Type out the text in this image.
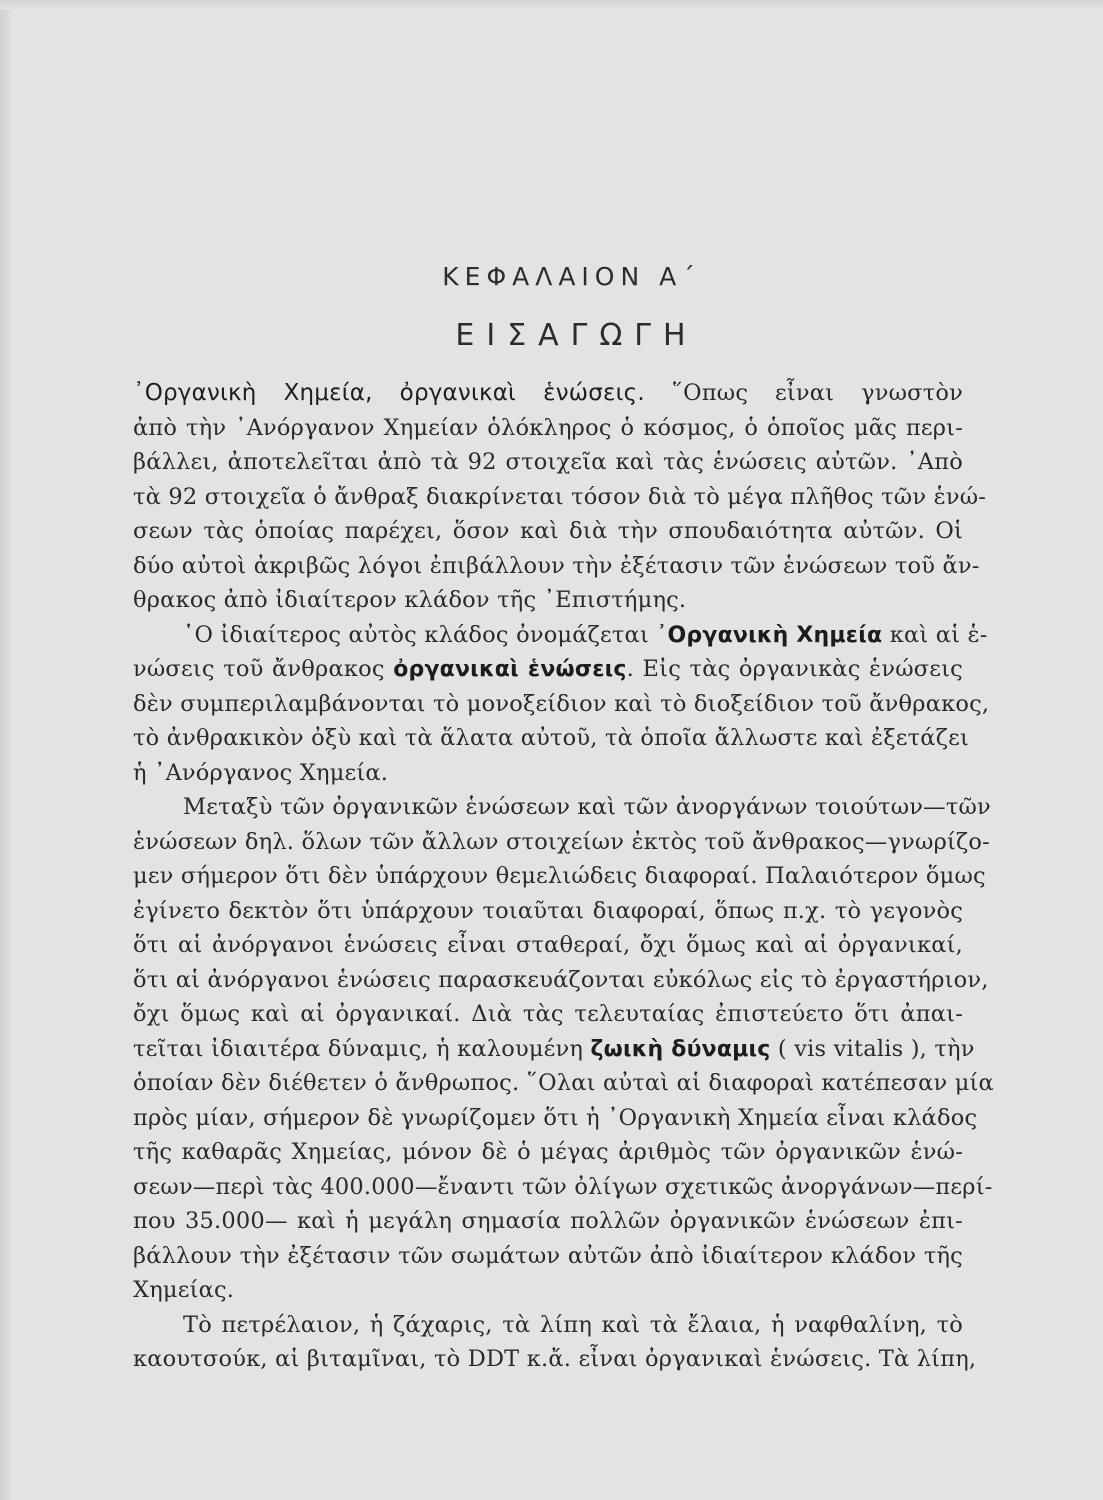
ΚΕΦΑΛΑΙΟΝ Α΄
ΕΙΣΑΓΩΓΗ
᾿Οργανικὴ Χημεία, ὀργανικαὶ ἑνώσεις. ῞Οπως εἶναι γνωστὸν
ἀπὸ τὴν ᾿Ανόργανον Χημείαν ὁλόκληρος ὁ κόσμος, ὁ ὁποῖος μᾶς περι-
βάλλει, ἀποτελεῖται ἀπὸ τὰ 92 στοιχεῖα καὶ τὰς ἑνώσεις αὐτῶν. ᾿Απὸ
τὰ 92 στοιχεῖα ὁ ἄνθραξ διακρίνεται τόσον διὰ τὸ μέγα πλῆθος τῶν ἑνώ-
σεων τὰς ὁποίας παρέχει, ὅσον καὶ διὰ τὴν σπουδαιότητα αὐτῶν. Οἱ
δύο αὐτοὶ ἀκριβῶς λόγοι ἐπιβάλλουν τὴν ἐξέτασιν τῶν ἑνώσεων τοῦ ἄν-
θρακος ἀπὸ ἰδιαίτερον κλάδον τῆς ᾿Επιστήμης.
῾Ο ἰδιαίτερος αὐτὸς κλάδος ὀνομάζεται ᾿Οργανικὴ Χημεία καὶ αἱ ἑ-
νώσεις τοῦ ἄνθρακος ὀργανικαὶ ἑνώσεις. Εἰς τὰς ὀργανικὰς ἑνώσεις
δὲν συμπεριλαμβάνονται τὸ μονοξείδιον καὶ τὸ διοξείδιον τοῦ ἄνθρακος,
τὸ ἀνθρακικὸν ὀξὺ καὶ τὰ ἅλατα αὐτοῦ, τὰ ὁποῖα ἄλλωστε καὶ ἐξετάζει
ἡ ᾿Ανόργανος Χημεία.
Μεταξὺ τῶν ὀργανικῶν ἑνώσεων καὶ τῶν ἀνοργάνων τοιούτων—τῶν
ἑνώσεων δηλ. ὅλων τῶν ἄλλων στοιχείων ἐκτὸς τοῦ ἄνθρακος—γνωρίζο-
μεν σήμερον ὅτι δὲν ὑπάρχουν θεμελιώδεις διαφοραί. Παλαιότερον ὅμως
ἐγίνετο δεκτὸν ὅτι ὑπάρχουν τοιαῦται διαφοραί, ὅπως π.χ. τὸ γεγονὸς
ὅτι αἱ ἀνόργανοι ἑνώσεις εἶναι σταθεραί, ὄχι ὅμως καὶ αἱ ὀργανικαί,
ὅτι αἱ ἀνόργανοι ἑνώσεις παρασκευάζονται εὐκόλως εἰς τὸ ἐργαστήριον,
ὄχι ὅμως καὶ αἱ ὀργανικαί. Διὰ τὰς τελευταίας ἐπιστεύετο ὅτι ἀπαι-
τεῖται ἰδιαιτέρα δύναμις, ἡ καλουμένη ζωικὴ δύναμις ( vis vitalis ), τὴν
ὁποίαν δὲν διέθετεν ὁ ἄνθρωπος. ῞Ολαι αὐταὶ αἱ διαφοραὶ κατέπεσαν μία
πρὸς μίαν, σήμερον δὲ γνωρίζομεν ὅτι ἡ ᾿Οργανικὴ Χημεία εἶναι κλάδος
τῆς καθαρᾶς Χημείας, μόνον δὲ ὁ μέγας ἀριθμὸς τῶν ὀργανικῶν ἑνώ-
σεων—περὶ τὰς 400.000—ἔναντι τῶν ὀλίγων σχετικῶς ἀνοργάνων—περί-
που 35.000— καὶ ἡ μεγάλη σημασία πολλῶν ὀργανικῶν ἑνώσεων ἐπι-
βάλλουν τὴν ἐξέτασιν τῶν σωμάτων αὐτῶν ἀπὸ ἰδιαίτερον κλάδον τῆς
Χημείας.
Τὸ πετρέλαιον, ἡ ζάχαρις, τὰ λίπη καὶ τὰ ἔλαια, ἡ ναφθαλίνη, τὸ
καουτσούκ, αἱ βιταμῖναι, τὸ DDT κ.ἄ. εἶναι ὀργανικαὶ ἑνώσεις. Τὰ λίπη,
